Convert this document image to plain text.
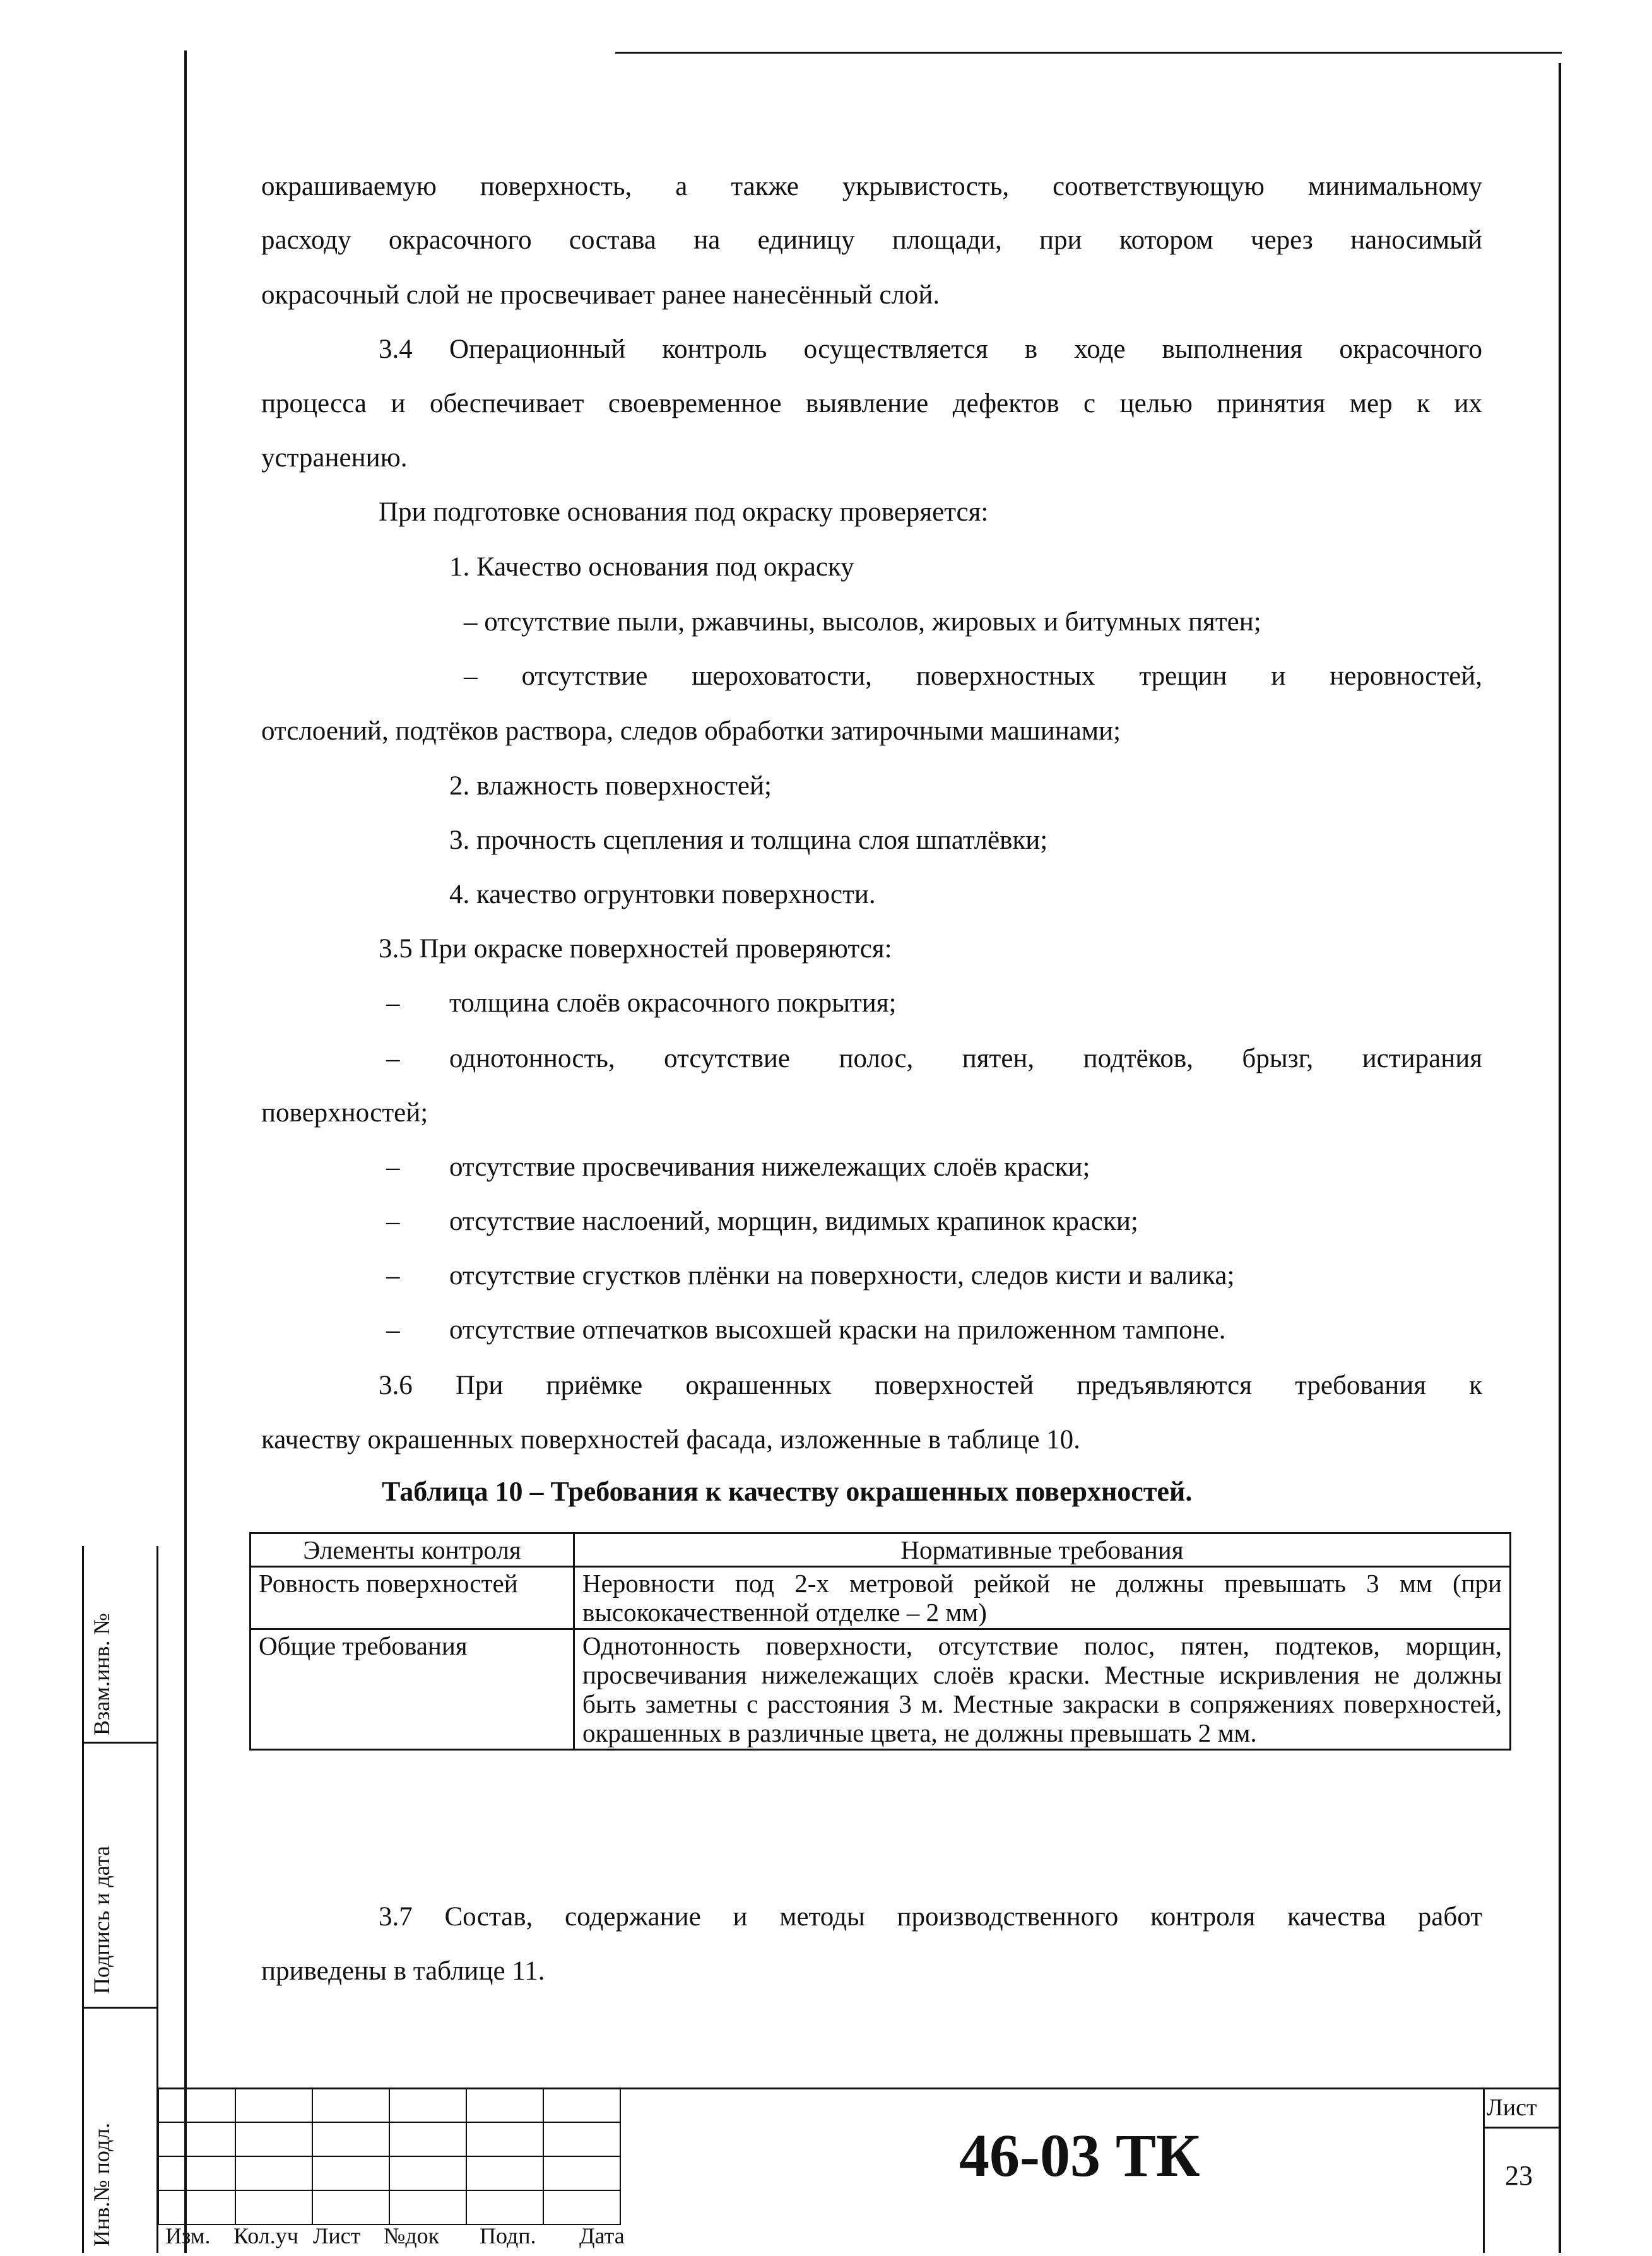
окрашиваемую поверхность, а также укрывистость, соответствующую минимальному
расходу окрасочного состава на единицу площади, при котором через наносимый
окрасочный слой не просвечивает ранее нанесённый слой.
3.4 Операционный контроль осуществляется в ходе выполнения окрасочного
процесса и обеспечивает своевременное выявление дефектов с целью принятия мер к их
устранению.
При подготовке основания под окраску проверяется:
1. Качество основания под окраску
– отсутствие пыли, ржавчины, высолов, жировых и битумных пятен;
– отсутствие шероховатости, поверхностных трещин и неровностей,
отслоений, подтёков раствора, следов обработки затирочными машинами;
2. влажность поверхностей;
3. прочность сцепления и толщина слоя шпатлёвки;
4. качество огрунтовки поверхности.
3.5 При окраске поверхностей проверяются:
– толщина слоёв окрасочного покрытия;
– однотонность, отсутствие полос, пятен, подтёков, брызг, истирания
поверхностей;
– отсутствие просвечивания нижележащих слоёв краски;
– отсутствие наслоений, морщин, видимых крапинок краски;
– отсутствие сгустков плёнки на поверхности, следов кисти и валика;
– отсутствие отпечатков высохшей краски на приложенном тампоне.
3.6 При приёмке окрашенных поверхностей предъявляются требования к
качеству окрашенных поверхностей фасада, изложенные в таблице 10.
Таблица 10 – Требования к качеству окрашенных поверхностей.
Элементы контроля	Нормативные требования
Ровность поверхностей	Неровности под 2-х метровой рейкой не должны превышать 3 мм (при высококачественной отделке – 2 мм)
Общие требования	Однотонность поверхности, отсутствие полос, пятен, подтеков, морщин, просвечивания нижележащих слоёв краски. Местные искривления не должны быть заметны с расстояния 3 м. Местные закраски в сопряжениях поверхностей, окрашенных в различные цвета, не должны превышать 2 мм.
3.7 Состав, содержание и методы производственного контроля качества работ
приведены в таблице 11.
Взам.инв. №
Подпись и дата
Инв.№ подл.

					Изм. Кол.уч Лист №док Подп. Дата
46-03 ТК
Лист
23
